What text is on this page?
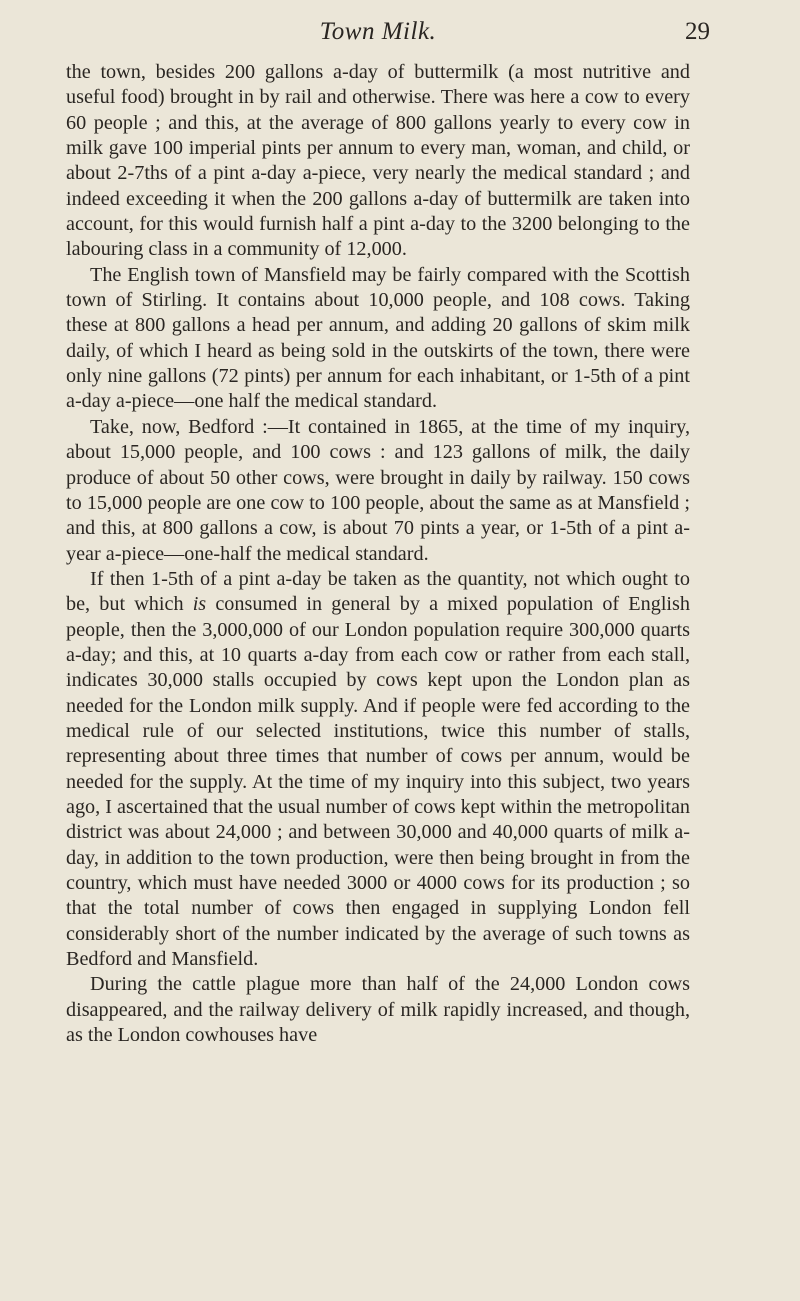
Town Milk.	29

the town, besides 200 gallons a-day of buttermilk (a most nutritive and useful food) brought in by rail and otherwise. There was here a cow to every 60 people ; and this, at the average of 800 gallons yearly to every cow in milk gave 100 imperial pints per annum to every man, woman, and child, or about 2-7ths of a pint a-day a-piece, very nearly the medical standard ; and indeed exceeding it when the 200 gallons a-day of buttermilk are taken into account, for this would furnish half a pint a-day to the 3200 belonging to the labouring class in a community of 12,000.

The English town of Mansfield may be fairly compared with the Scottish town of Stirling. It contains about 10,000 people, and 108 cows. Taking these at 800 gallons a head per annum, and adding 20 gallons of skim milk daily, of which I heard as being sold in the outskirts of the town, there were only nine gallons (72 pints) per annum for each inhabitant, or 1-5th of a pint a-day a-piece—one half the medical standard.

Take, now, Bedford :—It contained in 1865, at the time of my inquiry, about 15,000 people, and 100 cows : and 123 gallons of milk, the daily produce of about 50 other cows, were brought in daily by railway. 150 cows to 15,000 people are one cow to 100 people, about the same as at Mansfield ; and this, at 800 gallons a cow, is about 70 pints a year, or 1-5th of a pint a-year a-piece—one-half the medical standard.

If then 1-5th of a pint a-day be taken as the quantity, not which ought to be, but which is consumed in general by a mixed population of English people, then the 3,000,000 of our London population require 300,000 quarts a-day; and this, at 10 quarts a-day from each cow or rather from each stall, indicates 30,000 stalls occupied by cows kept upon the London plan as needed for the London milk supply. And if people were fed according to the medical rule of our selected institutions, twice this number of stalls, representing about three times that number of cows per annum, would be needed for the supply. At the time of my inquiry into this subject, two years ago, I ascertained that the usual number of cows kept within the metropolitan district was about 24,000 ; and between 30,000 and 40,000 quarts of milk a-day, in addition to the town production, were then being brought in from the country, which must have needed 3000 or 4000 cows for its production ; so that the total number of cows then engaged in supplying London fell considerably short of the number indicated by the average of such towns as Bedford and Mansfield.

During the cattle plague more than half of the 24,000 London cows disappeared, and the railway delivery of milk rapidly increased, and though, as the London cowhouses have
